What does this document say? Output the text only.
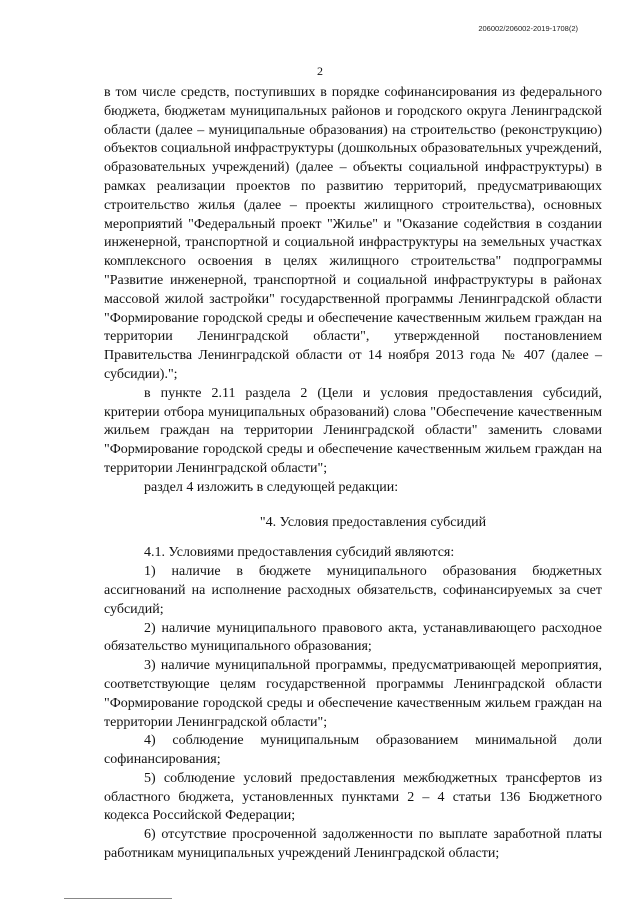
206002/206002-2019-1708(2)
2

в том числе средств, поступивших в порядке софинансирования из федерального бюджета, бюджетам муниципальных районов и городского округа Ленинградской области (далее – муниципальные образования) на строительство (реконструкцию) объектов социальной инфраструктуры (дошкольных образовательных учреждений, образовательных учреждений) (далее – объекты социальной инфраструктуры) в рамках реализации проектов по развитию территорий, предусматривающих строительство жилья (далее – проекты жилищного строительства), основных мероприятий "Федеральный проект "Жилье" и "Оказание содействия в создании инженерной, транспортной и социальной инфраструктуры на земельных участках комплексного освоения в целях жилищного строительства" подпрограммы "Развитие инженерной, транспортной и социальной инфраструктуры в районах массовой жилой застройки" государственной программы Ленинградской области "Формирование городской среды и обеспечение качественным жильем граждан на территории Ленинградской области", утвержденной постановлением Правительства Ленинградской области от 14 ноября 2013 года № 407 (далее – субсидии).";

в пункте 2.11 раздела 2 (Цели и условия предоставления субсидий, критерии отбора муниципальных образований) слова "Обеспечение качественным жильем граждан на территории Ленинградской области" заменить словами "Формирование городской среды и обеспечение качественным жильем граждан на территории Ленинградской области";

раздел 4 изложить в следующей редакции:

"4. Условия предоставления субсидий

4.1. Условиями предоставления субсидий являются:

1) наличие в бюджете муниципального образования бюджетных ассигнований на исполнение расходных обязательств, софинансируемых за счет субсидий;

2) наличие муниципального правового акта, устанавливающего расходное обязательство муниципального образования;

3) наличие муниципальной программы, предусматривающей мероприятия, соответствующие целям государственной программы Ленинградской области "Формирование городской среды и обеспечение качественным жильем граждан на территории Ленинградской области";

4) соблюдение муниципальным образованием минимальной доли софинансирования;

5) соблюдение условий предоставления межбюджетных трансфертов из областного бюджета, установленных пунктами 2 – 4 статьи 136 Бюджетного кодекса Российской Федерации;

6) отсутствие просроченной задолженности по выплате заработной платы работникам муниципальных учреждений Ленинградской области;
